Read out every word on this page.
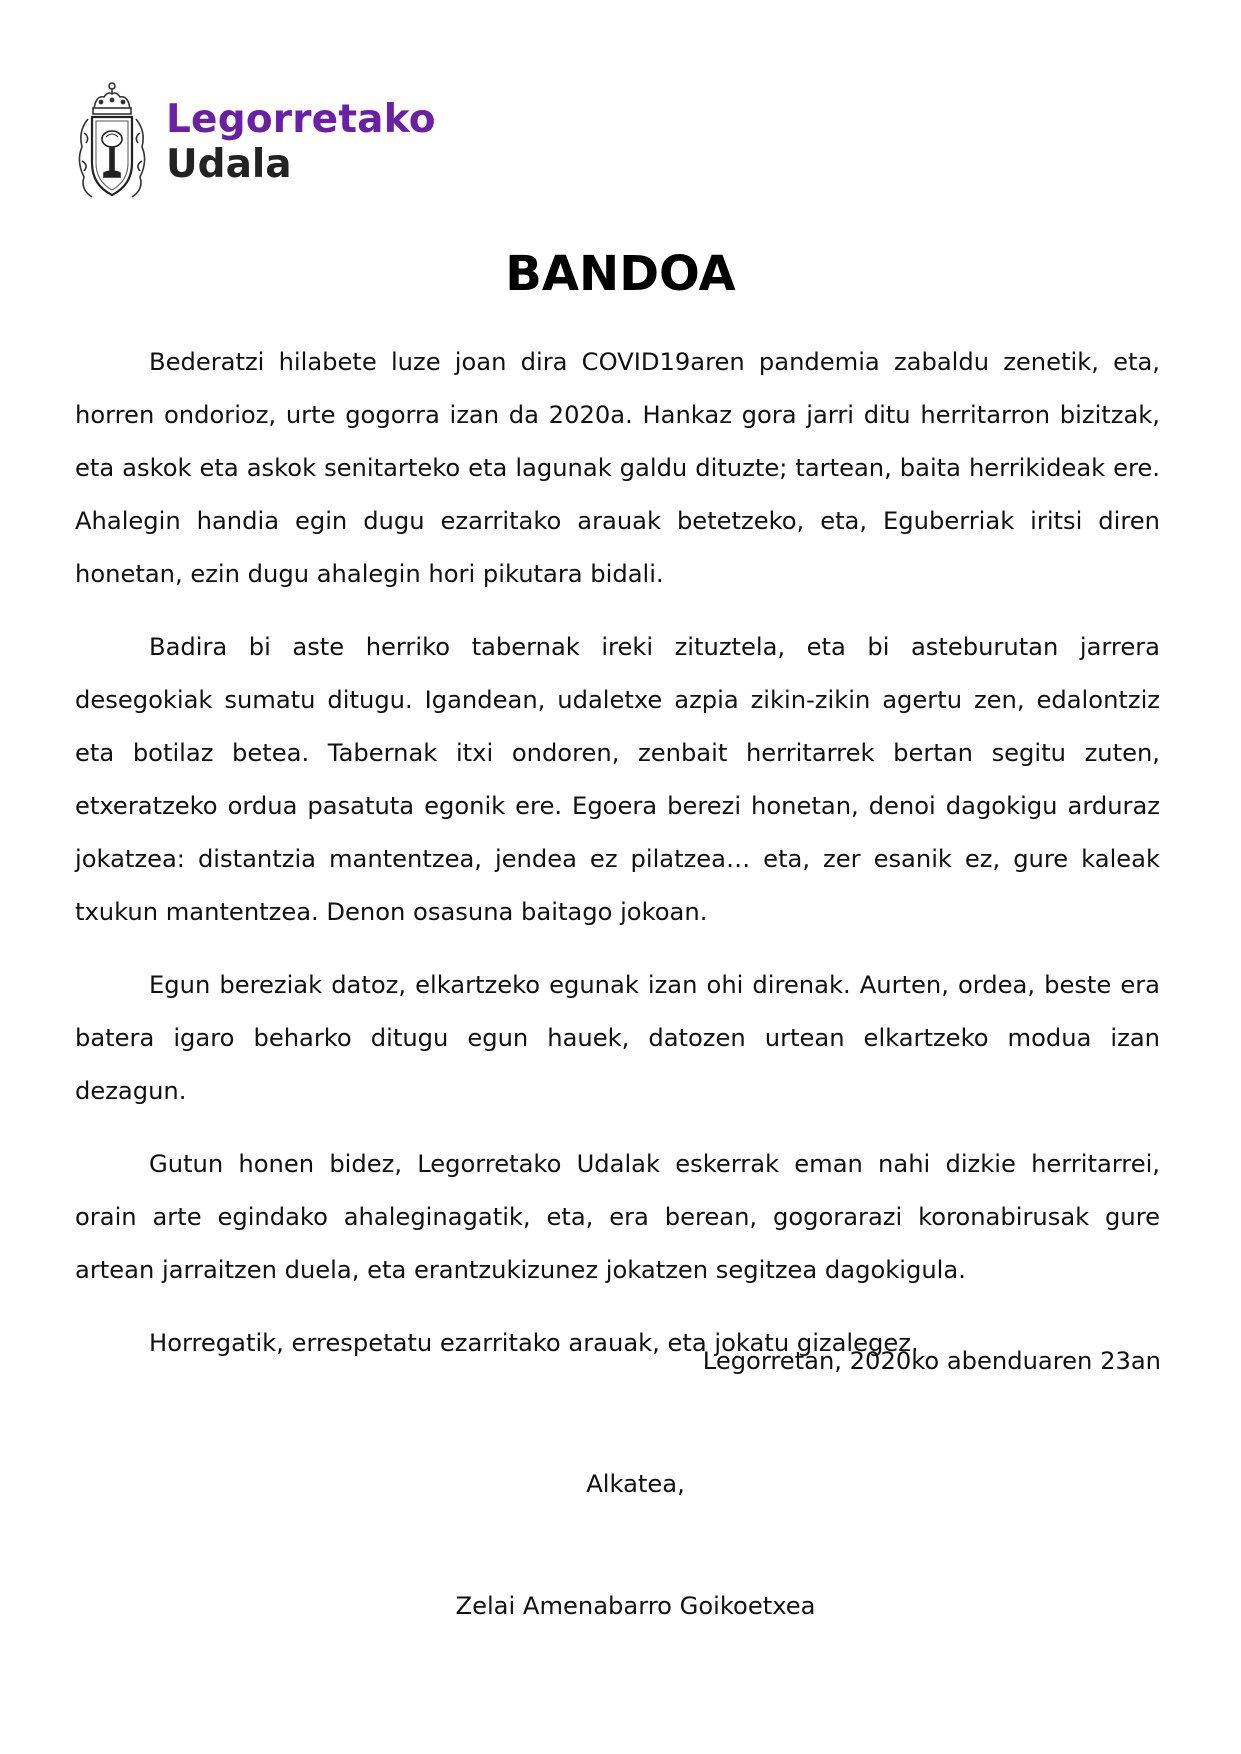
Legorretako
Udala
BANDOA

Bederatzi hilabete luze joan dira COVID19aren pandemia zabaldu zenetik, eta, horren ondorioz, urte gogorra izan da 2020a. Hankaz gora jarri ditu herritarron bizitzak, eta askok eta askok senitarteko eta lagunak galdu dituzte; tartean, baita herrikideak ere. Ahalegin handia egin dugu ezarritako arauak betetzeko, eta, Eguberriak iritsi diren honetan, ezin dugu ahalegin hori pikutara bidali.

Badira bi aste herriko tabernak ireki zituztela, eta bi asteburutan jarrera desegokiak sumatu ditugu. Igandean, udaletxe azpia zikin-zikin agertu zen, edalontziz eta botilaz betea. Tabernak itxi ondoren, zenbait herritarrek bertan segitu zuten, etxeratzeko ordua pasatuta egonik ere. Egoera berezi honetan, denoi dagokigu arduraz jokatzea: distantzia mantentzea, jendea ez pilatzea… eta, zer esanik ez, gure kaleak txukun mantentzea. Denon osasuna baitago jokoan.

Egun bereziak datoz, elkartzeko egunak izan ohi direnak. Aurten, ordea, beste era batera igaro beharko ditugu egun hauek, datozen urtean elkartzeko modua izan dezagun.

Gutun honen bidez, Legorretako Udalak eskerrak eman nahi dizkie herritarrei, orain arte egindako ahaleginagatik, eta, era berean, gogorarazi koronabirusak gure artean jarraitzen duela, eta erantzukizunez jokatzen segitzea dagokigula.

Horregatik, errespetatu ezarritako arauak, eta jokatu gizalegez.

Legorretan, 2020ko abenduaren 23an
Alkatea,
Zelai Amenabarro Goikoetxea
